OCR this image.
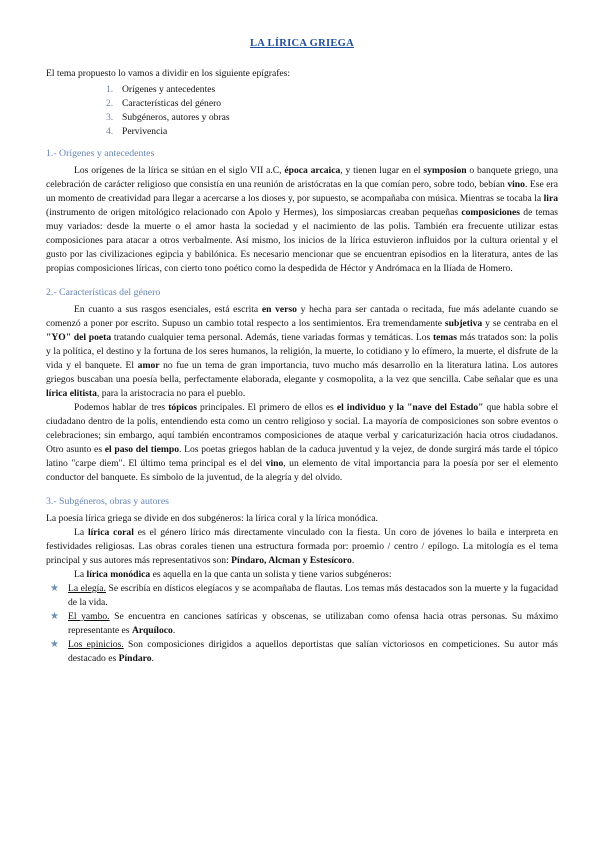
LA LÍRICA GRIEGA

El tema propuesto lo vamos a dividir en los siguiente epígrafes:

1. Orígenes y antecedentes
2. Características del género
3. Subgéneros, autores y obras
4. Pervivencia
1.- Orígenes y antecedentes

Los orígenes de la lírica se sitúan en el siglo VII a.C, época arcaica, y tienen lugar en el symposion o banquete griego, una celebración de carácter religioso que consistía en una reunión de aristócratas en la que comían pero, sobre todo, bebían vino. Ese era un momento de creatividad para llegar a acercarse a los dioses y, por supuesto, se acompañaba con música. Mientras se tocaba la lira (instrumento de origen mitológico relacionado con Apolo y Hermes), los simposiarcas creaban pequeñas composiciones de temas muy variados: desde la muerte o el amor hasta la sociedad y el nacimiento de las polis. También era frecuente utilizar estas composiciones para atacar a otros verbalmente. Así mismo, los inicios de la lírica estuvieron influidos por la cultura oriental y el gusto por las civilizaciones egipcia y babilónica. Es necesario mencionar que se encuentran episodios en la literatura, antes de las propias composiciones líricas, con cierto tono poético como la despedida de Héctor y Andrómaca en la Ilíada de Homero.

2.- Características del género

En cuanto a sus rasgos esenciales, está escrita en verso y hecha para ser cantada o recitada, fue más adelante cuando se comenzó a poner por escrito. Supuso un cambio total respecto a los sentimientos. Era tremendamente subjetiva y se centraba en el "YO" del poeta tratando cualquier tema personal. Además, tiene variadas formas y temáticas. Los temas más tratados son: la polis y la política, el destino y la fortuna de los seres humanos, la religión, la muerte, lo cotidiano y lo efímero, la muerte, el disfrute de la vida y el banquete. El amor no fue un tema de gran importancia, tuvo mucho más desarrollo en la literatura latina. Los autores griegos buscaban una poesía bella, perfectamente elaborada, elegante y cosmopolita, a la vez que sencilla. Cabe señalar que es una lírica elitista, para la aristocracia no para el pueblo.

Podemos hablar de tres tópicos principales. El primero de ellos es el individuo y la "nave del Estado" que habla sobre el ciudadano dentro de la polis, entendiendo esta como un centro religioso y social. La mayoría de composiciones son sobre eventos o celebraciones; sin embargo, aquí también encontramos composiciones de ataque verbal y caricaturización hacia otros ciudadanos. Otro asunto es el paso del tiempo. Los poetas griegos hablan de la caduca juventud y la vejez, de donde surgirá más tarde el tópico latino "carpe diem". El último tema principal es el del vino, un elemento de vital importancia para la poesía por ser el elemento conductor del banquete. Es símbolo de la juventud, de la alegría y del olvido.

3.- Subgéneros, obras y autores

La poesía lírica griega se divide en dos subgéneros: la lírica coral y la lírica monódica.

La lírica coral es el género lírico más directamente vinculado con la fiesta. Un coro de jóvenes lo baila e interpreta en festividades religiosas. Las obras corales tienen una estructura formada por: proemio / centro / epílogo. La mitología es el tema principal y sus autores más representativos son: Píndaro, Alcman y Estesícoro.

La lírica monódica es aquella en la que canta un solista y tiene varios subgéneros:

★ La elegía. Se escribía en dísticos elegíacos y se acompañaba de flautas. Los temas más destacados son la muerte y la fugacidad de la vida.
★ El yambo. Se encuentra en canciones satíricas y obscenas, se utilizaban como ofensa hacia otras personas. Su máximo representante es Arquíloco.
★ Los epinicios. Son composiciones dirigidos a aquellos deportistas que salían victoriosos en competiciones. Su autor más destacado es Píndaro.
